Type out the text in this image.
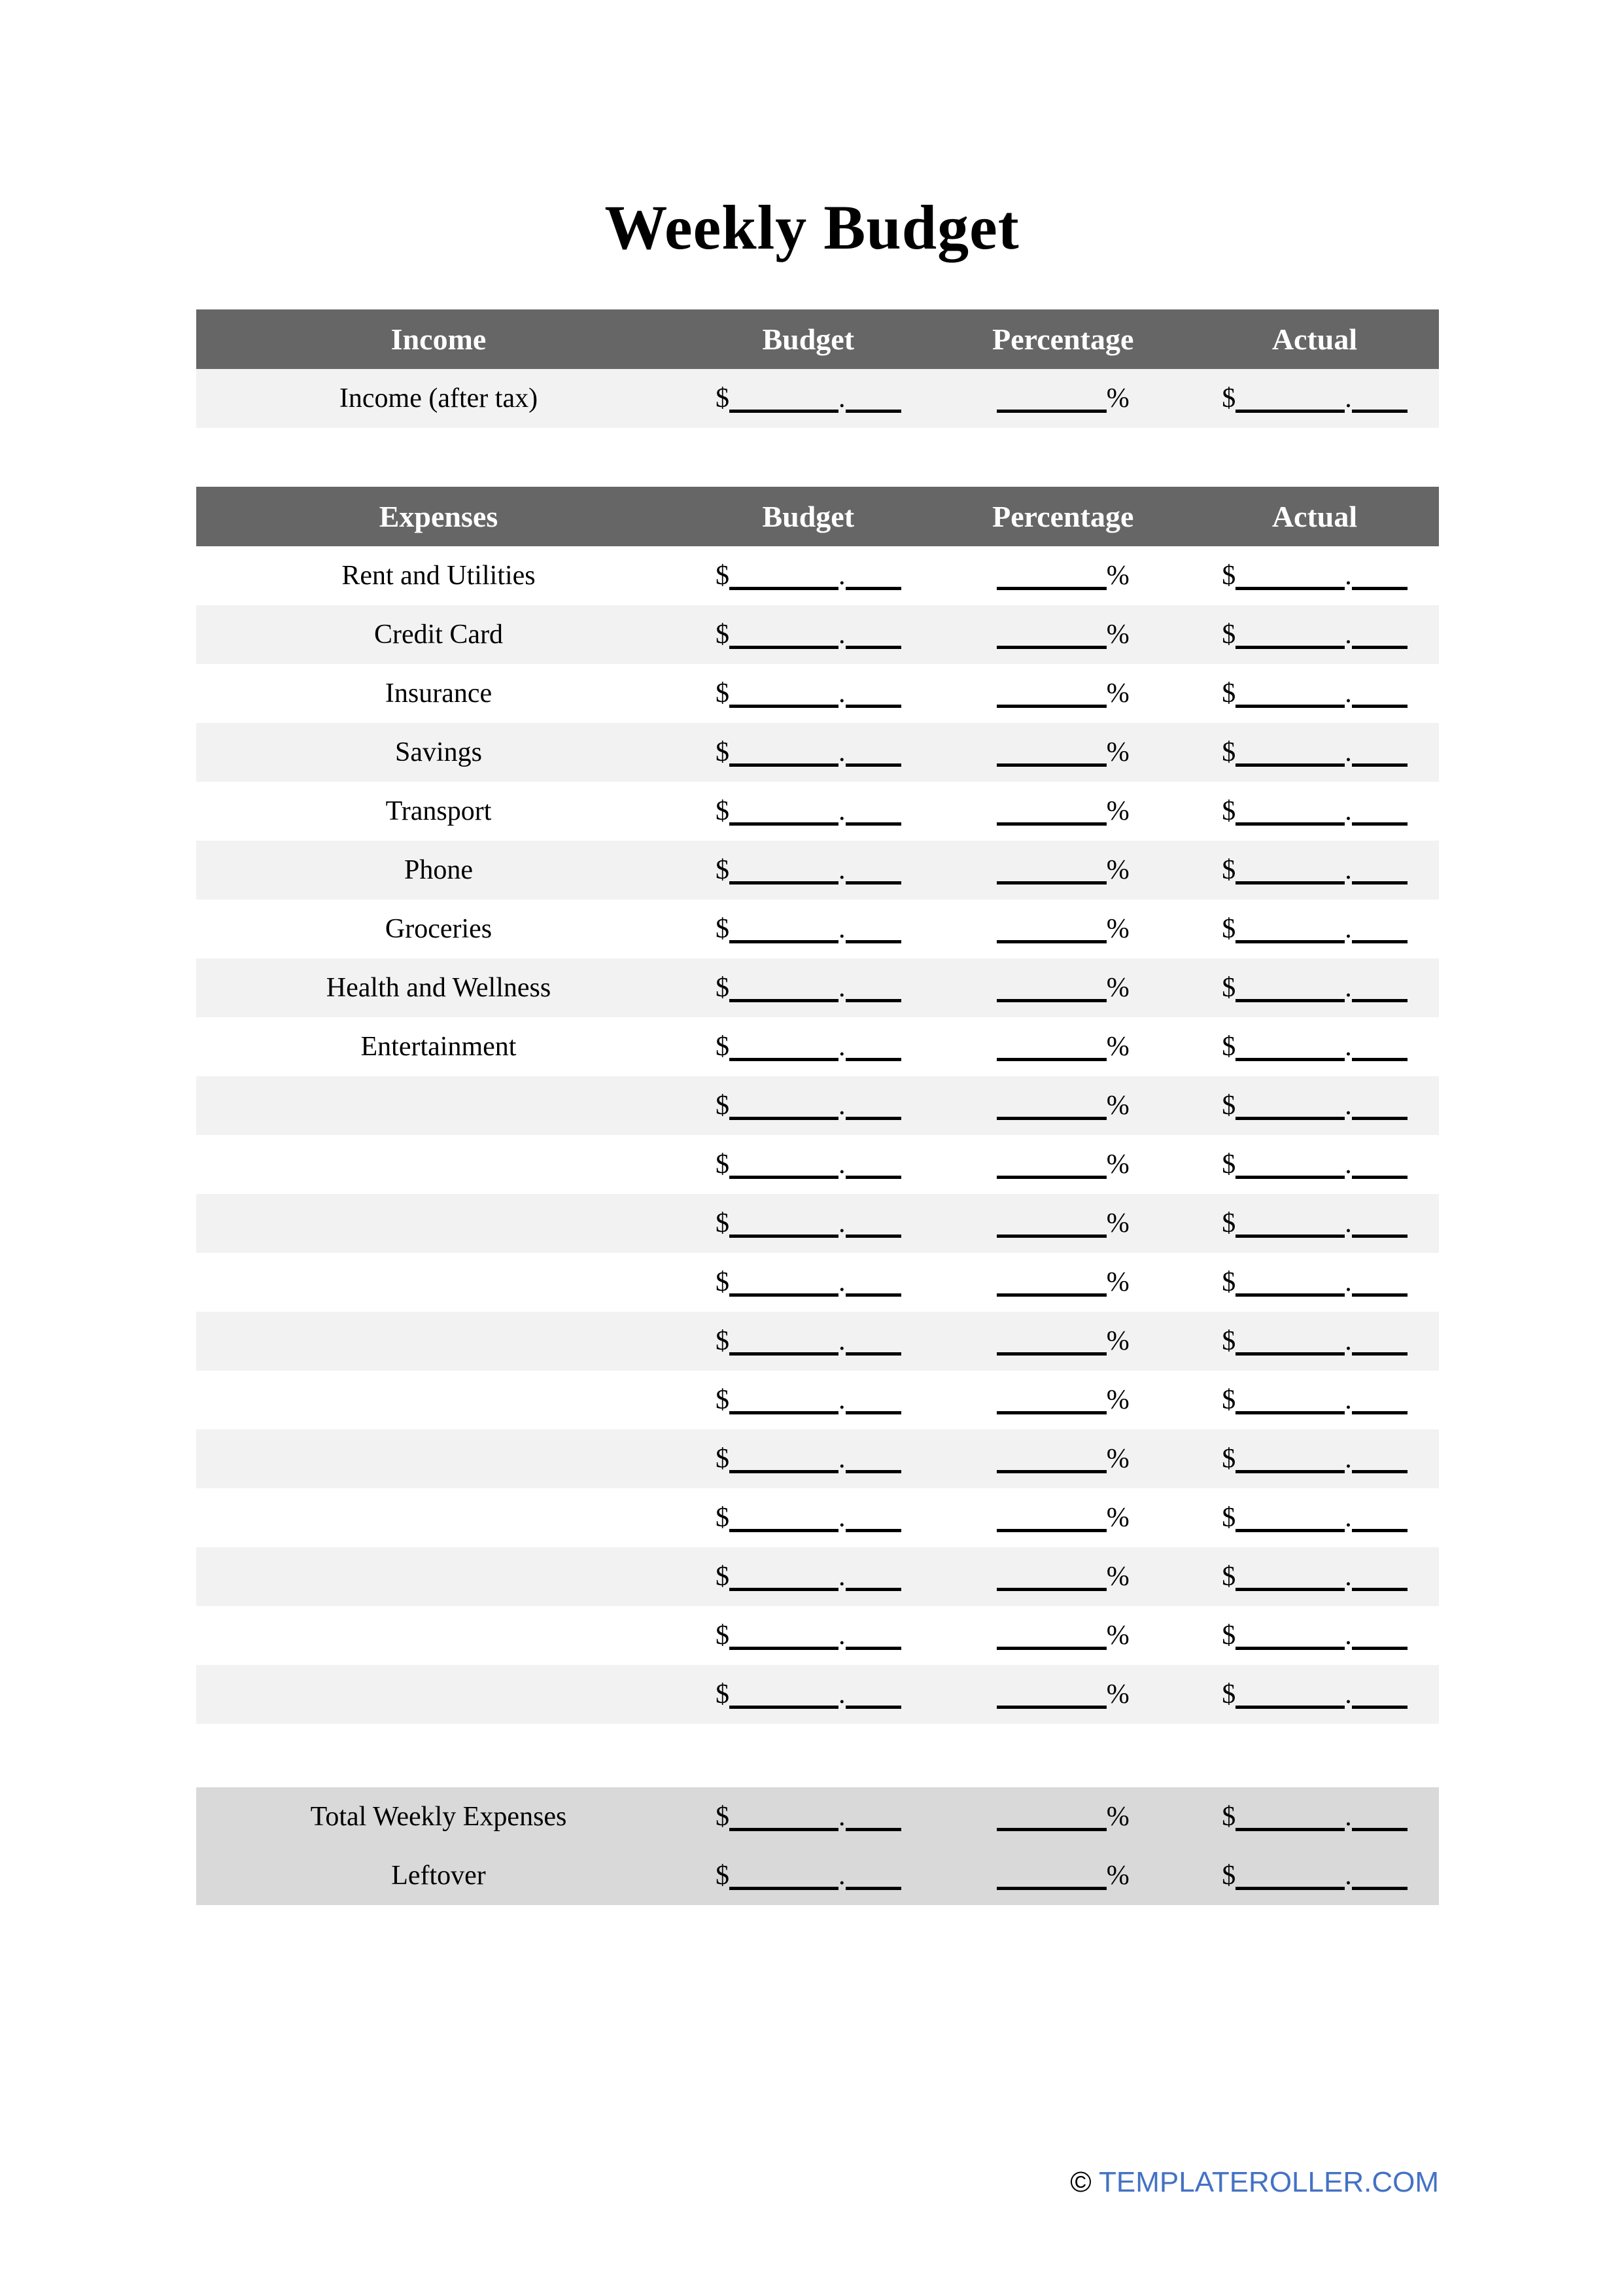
Weekly Budget
Income	Budget	Percentage	Actual
Income (after tax)	$	.	%	$	.
Expenses	Budget	Percentage	Actual
Rent and Utilities	$	.	%	$	.
Credit Card	$	.	%	$	.
Insurance	$	.	%	$	.
Savings	$	.	%	$	.
Transport	$	.	%	$	.
Phone	$	.	%	$	.
Groceries	$	.	%	$	.
Health and Wellness	$	.	%	$	.
Entertainment	$	.	%	$	.
$	.	%	$	.
$	.	%	$	.
$	.	%	$	.
$	.	%	$	.
$	.	%	$	.
$	.	%	$	.
$	.	%	$	.
$	.	%	$	.
$	.	%	$	.
$	.	%	$	.
$	.	%	$	.
Total Weekly Expenses	$	.	%	$	.
Leftover	$	.	%	$	.
© TEMPLATEROLLER.COM
